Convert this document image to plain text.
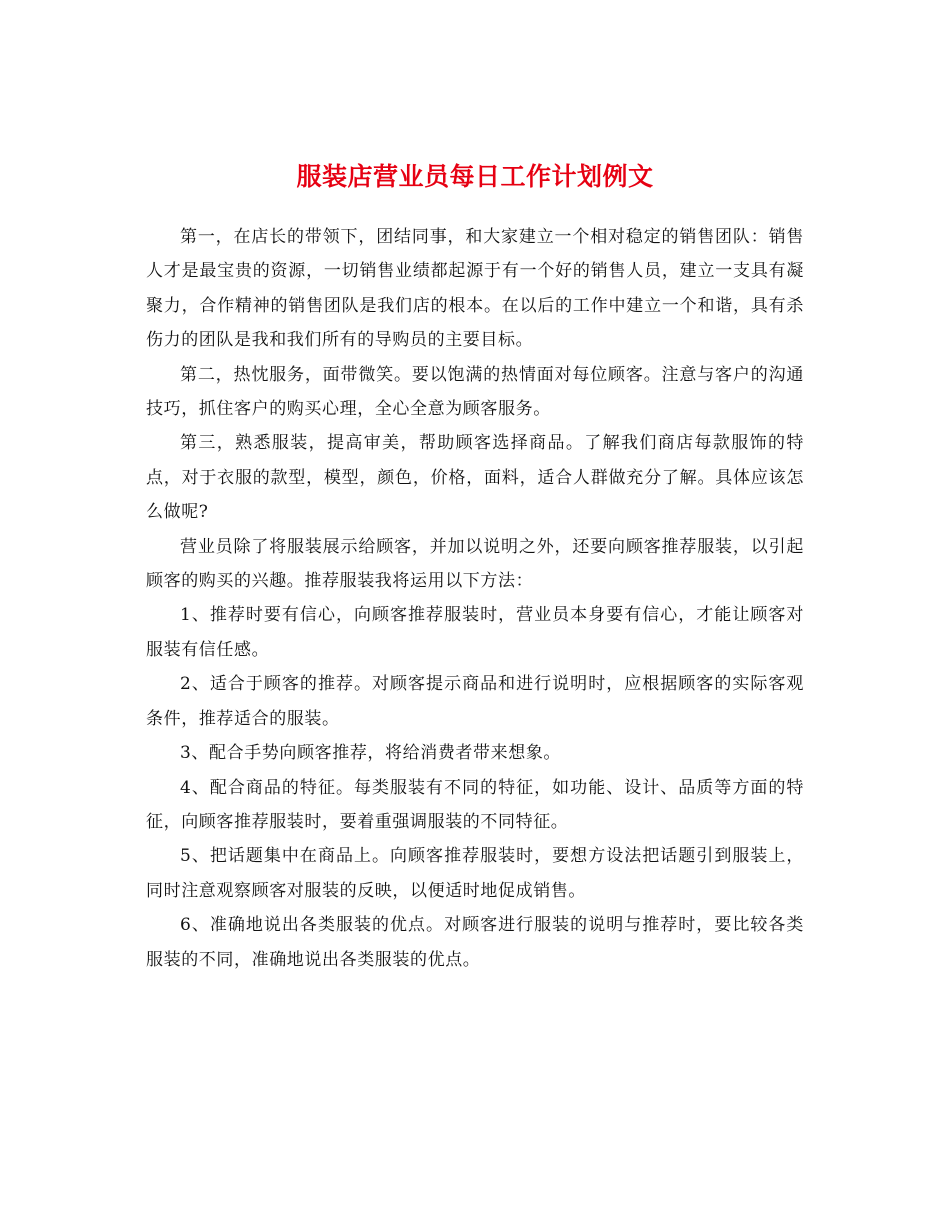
服装店营业员每日工作计划例文

第一，在店长的带领下，团结同事，和大家建立一个相对稳定的销售团队：销售人才是最宝贵的资源，一切销售业绩都起源于有一个好的销售人员，建立一支具有凝聚力，合作精神的销售团队是我们店的根本。在以后的工作中建立一个和谐，具有杀伤力的团队是我和我们所有的导购员的主要目标。

第二，热忱服务，面带微笑。要以饱满的热情面对每位顾客。注意与客户的沟通技巧，抓住客户的购买心理，全心全意为顾客服务。

第三，熟悉服装，提高审美，帮助顾客选择商品。了解我们商店每款服饰的特点，对于衣服的款型，模型，颜色，价格，面料，适合人群做充分了解。具体应该怎么做呢?

营业员除了将服装展示给顾客，并加以说明之外，还要向顾客推荐服装，以引起顾客的购买的兴趣。推荐服装我将运用以下方法：

1、推荐时要有信心，向顾客推荐服装时，营业员本身要有信心，才能让顾客对服装有信任感。

2、适合于顾客的推荐。对顾客提示商品和进行说明时，应根据顾客的实际客观条件，推荐适合的服装。

3、配合手势向顾客推荐，将给消费者带来想象。

4、配合商品的特征。每类服装有不同的特征，如功能、设计、品质等方面的特征，向顾客推荐服装时，要着重强调服装的不同特征。

5、把话题集中在商品上。向顾客推荐服装时，要想方设法把话题引到服装上，同时注意观察顾客对服装的反映，以便适时地促成销售。

6、准确地说出各类服装的优点。对顾客进行服装的说明与推荐时，要比较各类服装的不同，准确地说出各类服装的优点。
